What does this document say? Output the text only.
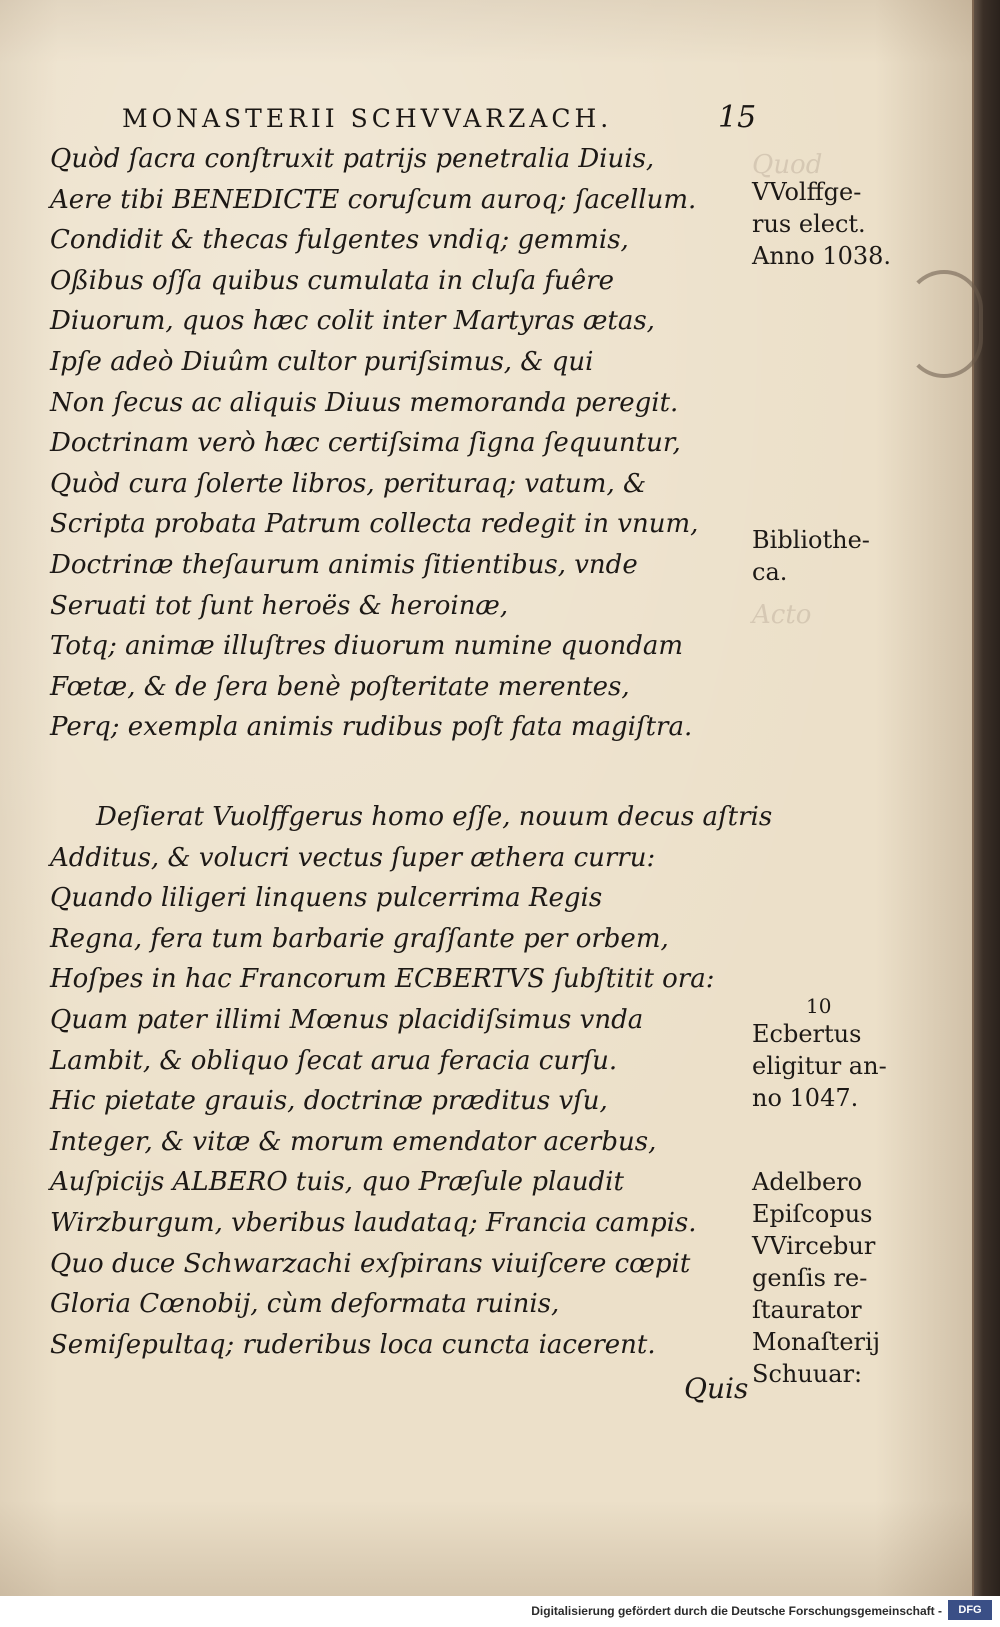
Quod
Acto
MONASTERII SCHVVARZACH.	15
Quòd ſacra conſtruxit patrijs penetralia Diuis,
Aere tibi BENEDICTE coruſcum auroq; ſacellum.
Condidit & thecas fulgentes vndiq; gemmis,
Oßibus oſſa quibus cumulata in cluſa fuêre
Diuorum, quos hæc colit inter Martyras ætas,
Ipſe adeò Diuûm cultor puriſsimus, & qui
Non ſecus ac aliquis Diuus memoranda peregit.
Doctrinam verò hæc certiſsima ſigna ſequuntur,
Quòd cura ſolerte libros, perituraq; vatum, &
Scripta probata Patrum collecta redegit in vnum,
Doctrinæ theſaurum animis ſitientibus, vnde
Seruati tot ſunt heroës & heroinæ,
Totq; animæ illuſtres diuorum numine quondam
Fœtæ, & de ſera benè poſteritate merentes,
Perq; exempla animis rudibus poſt fata magiſtra.
Deſierat Vuolffgerus homo eſſe, nouum decus aſtris
Additus, & volucri vectus ſuper æthera curru:
Quando liligeri linquens pulcerrima Regis
Regna, fera tum barbarie graſſante per orbem,
Hoſpes in hac Francorum ECBERTVS ſubſtitit ora:
Quam pater illimi Mœnus placidiſsimus vnda
Lambit, & obliquo ſecat arua feracia curſu.
Hic pietate grauis, doctrinæ præditus vſu,
Integer, & vitæ & morum emendator acerbus,
Auſpicijs ALBERO tuis, quo Præſule plaudit
Wirzburgum, vberibus laudataq; Francia campis.
Quo duce Schwarzachi exſpirans viuiſcere cœpit
Gloria Cœnobij, cùm deformata ruinis,
Semiſepultaq; ruderibus loca cuncta iacerent.
VVolffge-
rus elect.
Anno 1038.
Bibliothe-
ca.
10
Ecbertus
eligitur an-
no 1047.
Adelbero
Epiſcopus
VVircebur
genſis re-
ſtaurator
Monaſterij
Schuuar:
Quis
Digitalisierung gefördert durch die Deutsche Forschungsgemeinschaft -	DFG
